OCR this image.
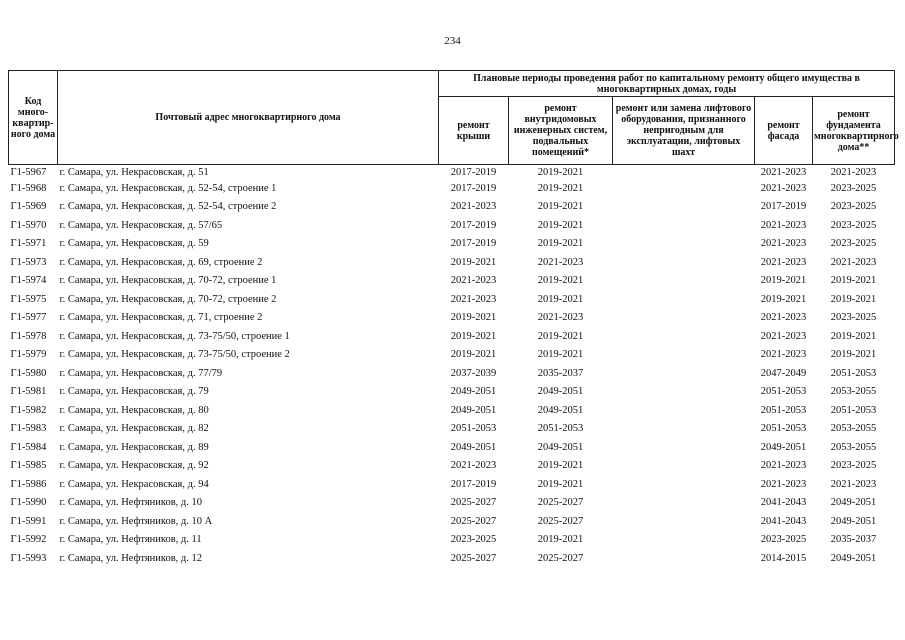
234
Код много-квартир-ного дома	Почтовый адрес многоквартирного дома	Плановые периоды проведения работ по капитальному ремонту общего имущества в многоквартирных домах, годы				
		ремонт крыши	ремонт внутридомовых инженерных систем, подвальных помещений*	ремонт или замена лифтового оборудования, признанного непригодным для эксплуатации, лифтовых шахт	ремонт фасада	ремонт фундамента многоквартирного дома**
Г1-5967	г. Самара, ул. Некрасовская, д. 51	2017-2019	2019-2021		2021-2023	2021-2023
Г1-5968	г. Самара, ул. Некрасовская, д. 52-54, строение 1	2017-2019	2019-2021		2021-2023	2023-2025
Г1-5969	г. Самара, ул. Некрасовская, д. 52-54, строение 2	2021-2023	2019-2021		2017-2019	2023-2025
Г1-5970	г. Самара, ул. Некрасовская, д. 57/65	2017-2019	2019-2021		2021-2023	2023-2025
Г1-5971	г. Самара, ул. Некрасовская, д. 59	2017-2019	2019-2021		2021-2023	2023-2025
Г1-5973	г. Самара, ул. Некрасовская, д. 69, строение 2	2019-2021	2021-2023		2021-2023	2021-2023
Г1-5974	г. Самара, ул. Некрасовская, д. 70-72, строение 1	2021-2023	2019-2021		2019-2021	2019-2021
Г1-5975	г. Самара, ул. Некрасовская, д. 70-72, строение 2	2021-2023	2019-2021		2019-2021	2019-2021
Г1-5977	г. Самара, ул. Некрасовская, д. 71, строение 2	2019-2021	2021-2023		2021-2023	2023-2025
Г1-5978	г. Самара, ул. Некрасовская, д. 73-75/50, строение 1	2019-2021	2019-2021		2021-2023	2019-2021
Г1-5979	г. Самара, ул. Некрасовская, д. 73-75/50, строение 2	2019-2021	2019-2021		2021-2023	2019-2021
Г1-5980	г. Самара, ул. Некрасовская, д. 77/79	2037-2039	2035-2037		2047-2049	2051-2053
Г1-5981	г. Самара, ул. Некрасовская, д. 79	2049-2051	2049-2051		2051-2053	2053-2055
Г1-5982	г. Самара, ул. Некрасовская, д. 80	2049-2051	2049-2051		2051-2053	2051-2053
Г1-5983	г. Самара, ул. Некрасовская, д. 82	2051-2053	2051-2053		2051-2053	2053-2055
Г1-5984	г. Самара, ул. Некрасовская, д. 89	2049-2051	2049-2051		2049-2051	2053-2055
Г1-5985	г. Самара, ул. Некрасовская, д. 92	2021-2023	2019-2021		2021-2023	2023-2025
Г1-5986	г. Самара, ул. Некрасовская, д. 94	2017-2019	2019-2021		2021-2023	2021-2023
Г1-5990	г. Самара, ул. Нефтяников, д. 10	2025-2027	2025-2027		2041-2043	2049-2051
Г1-5991	г. Самара, ул. Нефтяников, д. 10 А	2025-2027	2025-2027		2041-2043	2049-2051
Г1-5992	г. Самара, ул. Нефтяников, д. 11	2023-2025	2019-2021		2023-2025	2035-2037
Г1-5993	г. Самара, ул. Нефтяников, д. 12	2025-2027	2025-2027		2014-2015	2049-2051
